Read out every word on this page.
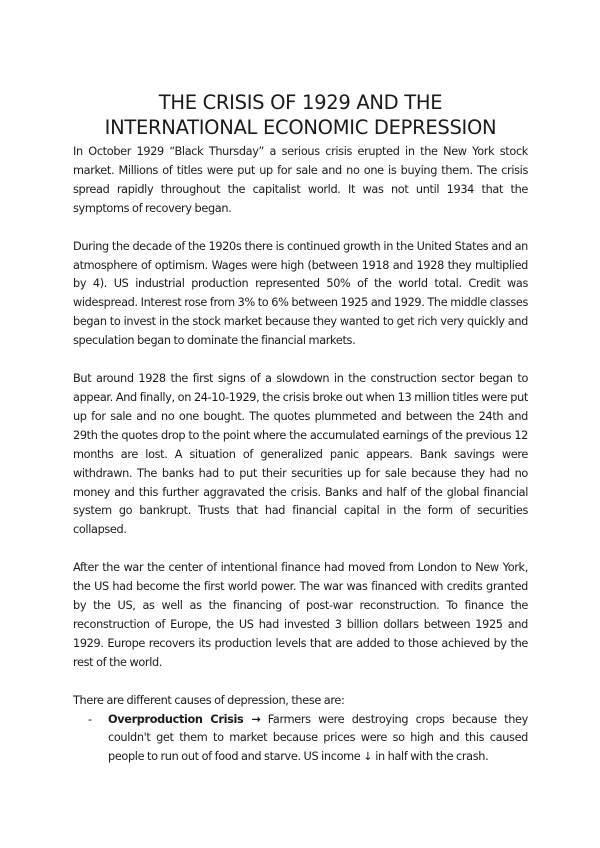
THE CRISIS OF 1929 AND THE
INTERNATIONAL ECONOMIC DEPRESSION

In October 1929 “Black Thursday” a serious crisis erupted in the New York stock market. Millions of titles were put up for sale and no one is buying them. The crisis spread rapidly throughout the capitalist world. It was not until 1934 that the symptoms of recovery began.

During the decade of the 1920s there is continued growth in the United States and an atmosphere of optimism. Wages were high (between 1918 and 1928 they multiplied by 4). US industrial production represented 50% of the world total. Credit was widespread. Interest rose from 3% to 6% between 1925 and 1929. The middle classes began to invest in the stock market because they wanted to get rich very quickly and speculation began to dominate the financial markets.

But around 1928 the first signs of a slowdown in the construction sector began to appear. And finally, on 24-10-1929, the crisis broke out when 13 million titles were put up for sale and no one bought. The quotes plummeted and between the 24th and 29th the quotes drop to the point where the accumulated earnings of the previous 12 months are lost. A situation of generalized panic appears. Bank savings were withdrawn. The banks had to put their securities up for sale because they had no money and this further aggravated the crisis. Banks and half of the global financial system go bankrupt. Trusts that had financial capital in the form of securities collapsed.

After the war the center of intentional finance had moved from London to New York, the US had become the first world power. The war was financed with credits granted by the US, as well as the financing of post-war reconstruction. To finance the reconstruction of Europe, the US had invested 3 billion dollars between 1925 and 1929. Europe recovers its production levels that are added to those achieved by the rest of the world.

There are different causes of depression, these are:

- Overproduction Crisis → Farmers were destroying crops because they couldn't get them to market because prices were so high and this caused people to run out of food and starve. US income ↓ in half with the crash.
